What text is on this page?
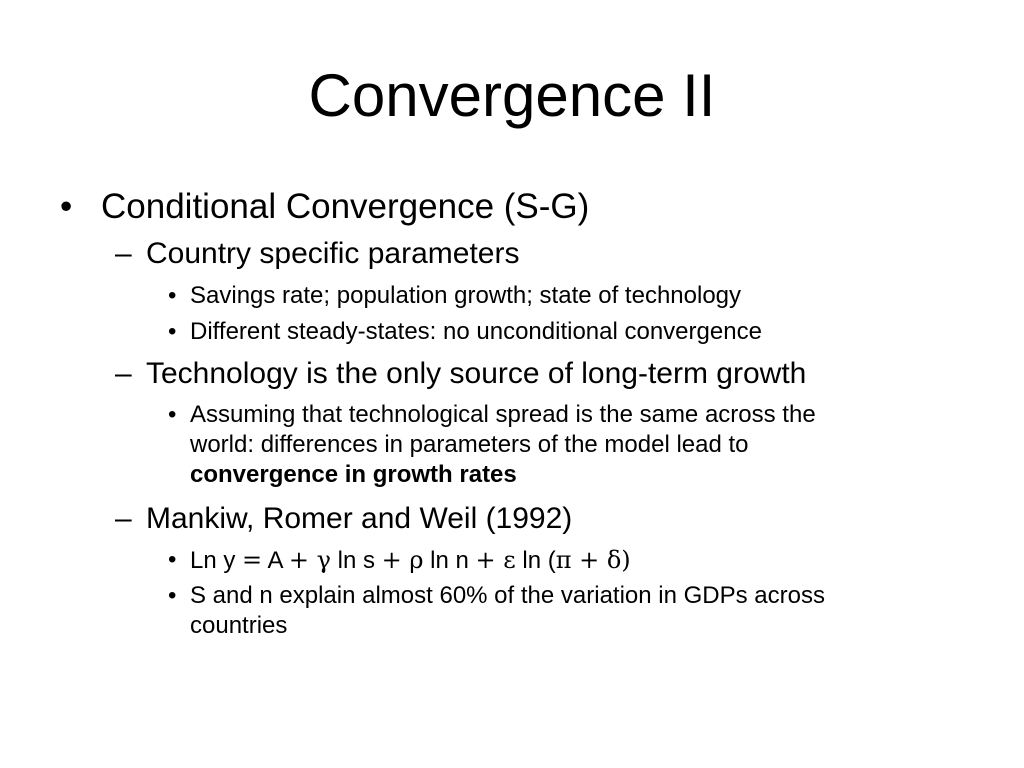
Convergence II
• Conditional Convergence (S-G)
– Country specific parameters
• Savings rate; population growth; state of technology
• Different steady-states: no unconditional convergence
– Technology is the only source of long-term growth
• Assuming that technological spread is the same across the
world: differences in parameters of the model lead to
convergence in growth rates
– Mankiw, Romer and Weil (1992)
• Ln y = A + γ ln s + ρ ln n + ε ln (π + δ)
• S and n explain almost 60% of the variation in GDPs across
countries
